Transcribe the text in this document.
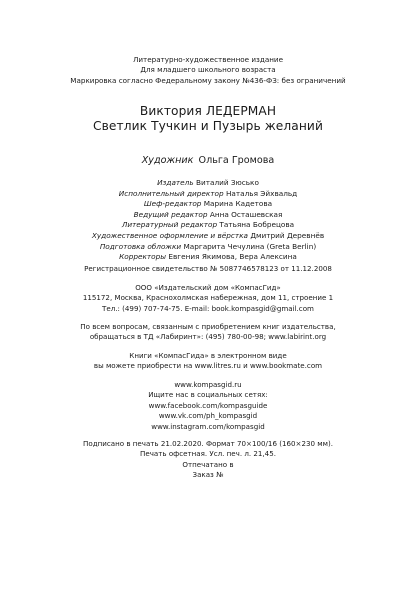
Литературно-художественное издание
Для младшего школьного возраста
Маркировка согласно Федеральному закону №436-ФЗ: без ограничений
Виктория ЛЕДЕРМАН
Светлик Тучкин и Пузырь желаний
Художник Ольга Громова
Издатель Виталий Зюсько
Исполнительный директор Наталья Эйхвальд
Шеф-редактор Марина Кадетова
Ведущий редактор Анна Осташевская
Литературный редактор Татьяна Бобрецова
Художественное оформление и вёрстка Дмитрий Деревнёв
Подготовка обложки Маргарита Чечулина (Greta Berlin)
Корректоры Евгения Якимова, Вера Алексина
Регистрационное свидетельство № 5087746578123 от 11.12.2008
ООО «Издательский дом «КомпасГид»
115172, Москва, Краснохолмская набережная, дом 11, строение 1
Тел.: (499) 707-74-75. E-mail: book.kompasgid@gmail.com
По всем вопросам, связанным с приобретением книг издательства,
обращаться в ТД «Лабиринт»: (495) 780-00-98; www.labirint.org
Книги «КомпасГида» в электронном виде
вы можете приобрести на www.litres.ru и www.bookmate.com
www.kompasgid.ru
Ищите нас в социальных сетях:
www.facebook.com/kompasguide
www.vk.com/ph_kompasgid
www.instagram.com/kompasgid
Подписано в печать 21.02.2020. Формат 70×100/16 (160×230 мм).
Печать офсетная. Усл. печ. л. 21,45.
Отпечатано в
Заказ №
